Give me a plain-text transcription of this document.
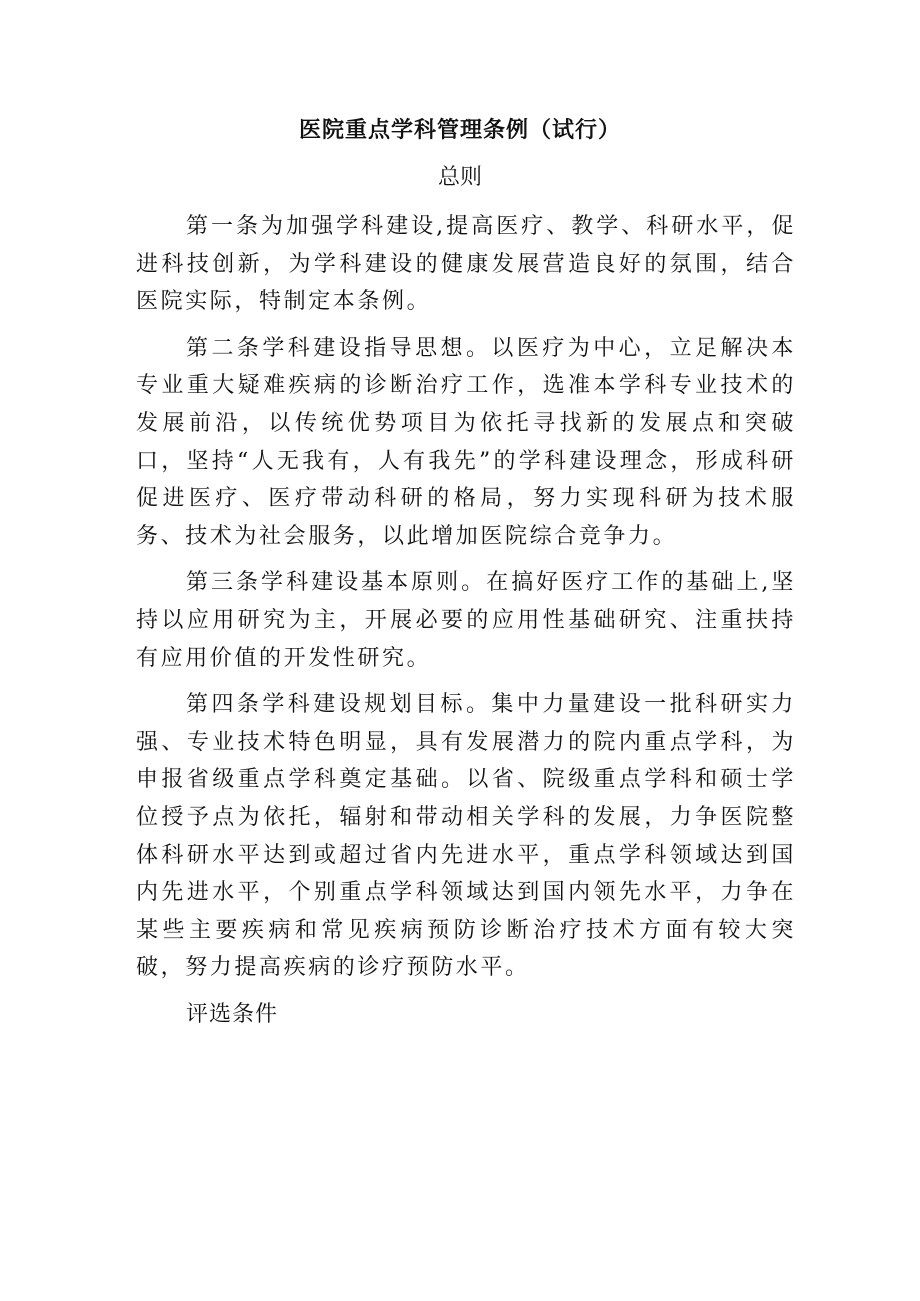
医院重点学科管理条例（试行）
总则

第一条为加强学科建设,提高医疗、教学、科研水平，促进科技创新，为学科建设的健康发展营造良好的氛围，结合医院实际，特制定本条例。

第二条学科建设指导思想。以医疗为中心，立足解决本专业重大疑难疾病的诊断治疗工作，选准本学科专业技术的发展前沿，以传统优势项目为依托寻找新的发展点和突破口，坚持“人无我有，人有我先”的学科建设理念，形成科研促进医疗、医疗带动科研的格局，努力实现科研为技术服务、技术为社会服务，以此增加医院综合竞争力。

第三条学科建设基本原则。在搞好医疗工作的基础上,坚持以应用研究为主，开展必要的应用性基础研究、注重扶持有应用价值的开发性研究。

第四条学科建设规划目标。集中力量建设一批科研实力强、专业技术特色明显，具有发展潜力的院内重点学科，为申报省级重点学科奠定基础。以省、院级重点学科和硕士学位授予点为依托，辐射和带动相关学科的发展，力争医院整体科研水平达到或超过省内先进水平，重点学科领域达到国内先进水平，个别重点学科领域达到国内领先水平，力争在某些主要疾病和常见疾病预防诊断治疗技术方面有较大突破，努力提高疾病的诊疗预防水平。

评选条件
